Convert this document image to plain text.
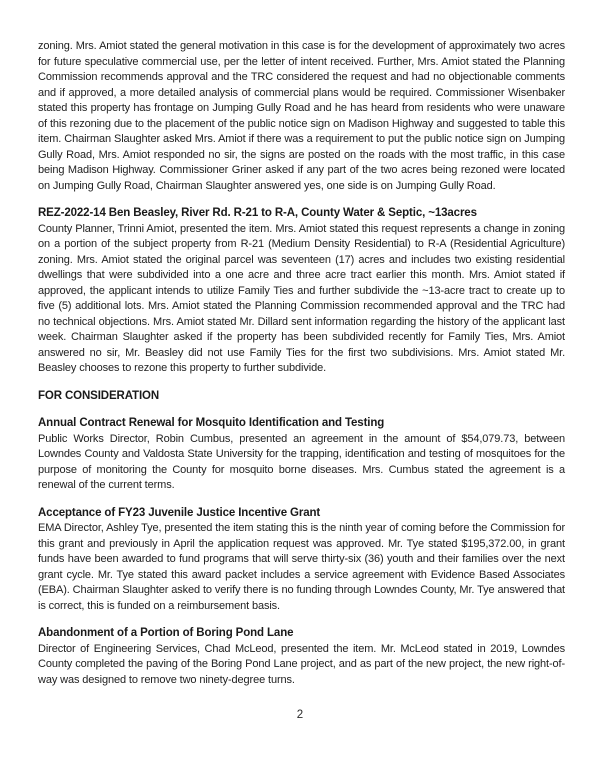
zoning. Mrs. Amiot stated the general motivation in this case is for the development of approximately two acres for future speculative commercial use, per the letter of intent received. Further, Mrs. Amiot stated the Planning Commission recommends approval and the TRC considered the request and had no objectionable comments and if approved, a more detailed analysis of commercial plans would be required. Commissioner Wisenbaker stated this property has frontage on Jumping Gully Road and he has heard from residents who were unaware of this rezoning due to the placement of the public notice sign on Madison Highway and suggested to table this item. Chairman Slaughter asked Mrs. Amiot if there was a requirement to put the public notice sign on Jumping Gully Road, Mrs. Amiot responded no sir, the signs are posted on the roads with the most traffic, in this case being Madison Highway. Commissioner Griner asked if any part of the two acres being rezoned were located on Jumping Gully Road, Chairman Slaughter answered yes, one side is on Jumping Gully Road.

REZ-2022-14 Ben Beasley, River Rd. R-21 to R-A, County Water & Septic, ~13acres

County Planner, Trinni Amiot, presented the item. Mrs. Amiot stated this request represents a change in zoning on a portion of the subject property from R-21 (Medium Density Residential) to R-A (Residential Agriculture) zoning. Mrs. Amiot stated the original parcel was seventeen (17) acres and includes two existing residential dwellings that were subdivided into a one acre and three acre tract earlier this month. Mrs. Amiot stated if approved, the applicant intends to utilize Family Ties and further subdivide the ~13-acre tract to create up to five (5) additional lots. Mrs. Amiot stated the Planning Commission recommended approval and the TRC had no technical objections. Mrs. Amiot stated Mr. Dillard sent information regarding the history of the applicant last week. Chairman Slaughter asked if the property has been subdivided recently for Family Ties, Mrs. Amiot answered no sir, Mr. Beasley did not use Family Ties for the first two subdivisions. Mrs. Amiot stated Mr. Beasley chooses to rezone this property to further subdivide.

FOR CONSIDERATION
Annual Contract Renewal for Mosquito Identification and Testing

Public Works Director, Robin Cumbus, presented an agreement in the amount of $54,079.73, between Lowndes County and Valdosta State University for the trapping, identification and testing of mosquitoes for the purpose of monitoring the County for mosquito borne diseases. Mrs. Cumbus stated the agreement is a renewal of the current terms.

Acceptance of FY23 Juvenile Justice Incentive Grant

EMA Director, Ashley Tye, presented the item stating this is the ninth year of coming before the Commission for this grant and previously in April the application request was approved. Mr. Tye stated $195,372.00, in grant funds have been awarded to fund programs that will serve thirty-six (36) youth and their families over the next grant cycle. Mr. Tye stated this award packet includes a service agreement with Evidence Based Associates (EBA). Chairman Slaughter asked to verify there is no funding through Lowndes County, Mr. Tye answered that is correct, this is funded on a reimbursement basis.

Abandonment of a Portion of Boring Pond Lane

Director of Engineering Services, Chad McLeod, presented the item. Mr. McLeod stated in 2019, Lowndes County completed the paving of the Boring Pond Lane project, and as part of the new project, the new right-of-way was designed to remove two ninety-degree turns.

2
